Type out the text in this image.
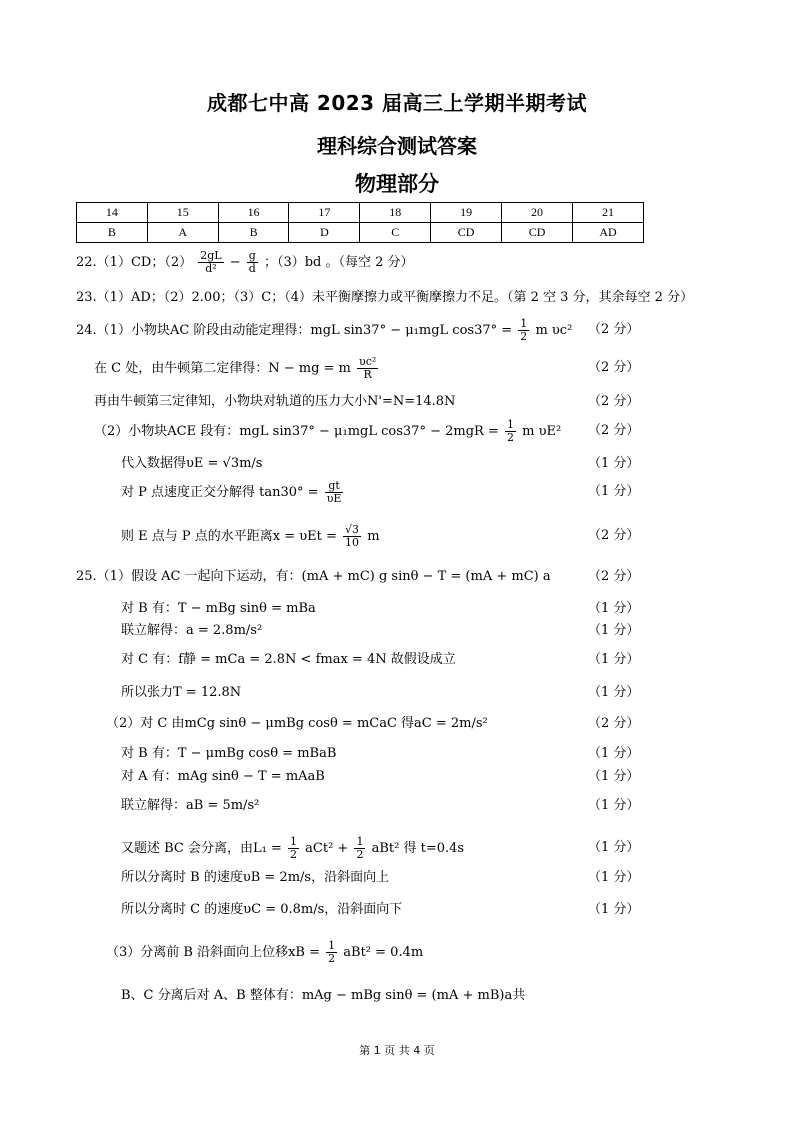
成都七中高 2023 届高三上学期半期考试
理科综合测试答案
物理部分
14	15	16	17	18	19	20	21
B	A	B	D	C	CD	CD	AD
22.（1）CD；$(2) \frac{2gL}{\text{d²}} - \frac{g}{d}$ ；（3）bd 。（每空 2 分）
23.（1）AD；（2）2.00；（3）C；（4）未平衡摩擦力或平衡摩擦力不足。（第 2 空 3 分，其余每空 2 分）
24.（1）小物块AC 阶段由动能定理得：mgL sin37° − μ₁mgL $\cos 37^\circ = \frac{1}{2}$ m υc² （2 分）
在 C 处，由牛顿第二定律得：N − mg = m $\frac{\text{υc²}}{R}$	（2 分）
再由牛顿第三定律知，小物块对轨道的压力大小N'=N=14.8N	（2 分）
（2）小物块ACE 段有：mgL sin37° − μ₁mgL $\cos 37^\circ - 2mgR = \frac{1}{2}$ m υE² （2 分）
代入数据得υE = √3m/s	（1 分）
对 P 点速度正交分解得 $\tan 30^\circ = \frac{gt}{\upsilon E}$	（1 分）
则 E 点与 P 点的水平距离$x = \upsilon Et = \frac{√3}{10}$ m	（2 分）
25.（1）假设 AC 一起向下运动，有：(mA + mC) g sinθ − T = (mA + mC) a	（2 分）
对 B 有：T − mBg sinθ = mBa	（1 分）
联立解得：a = 2.8m/s²	（1 分）
对 C 有：f静 = mCa = 2.8N < fmax = 4N 故假设成立	（1 分）
所以张力T = 12.8N	（1 分）
（2）对 C 由mCg sinθ − μmBg cosθ = mCaC 得aC = 2m/s²	（2 分）
对 B 有：T − μmBg cosθ = mBaB	（1 分）
对 A 有：mAg sinθ − T = mAaB	（1 分）
联立解得：aB = 5m/s²	（1 分）
又题述 BC 会分离，由$L_1 = \frac{1}{2} aCt^2 + \frac{1}{2} aBt^2$ 得 t=0.4s	（1 分）
所以分离时 B 的速度υB = 2m/s，沿斜面向上	（1 分）
所以分离时 C 的速度υC = 0.8m/s，沿斜面向下	（1 分）
（3）分离前 B 沿斜面向上位移xB = $\frac{1}{2} aBt^2 = 0.4m$
B、C 分离后对 A、B 整体有：mAg − mBg sinθ = (mA + mB)a共
第 1 页 共 4 页
